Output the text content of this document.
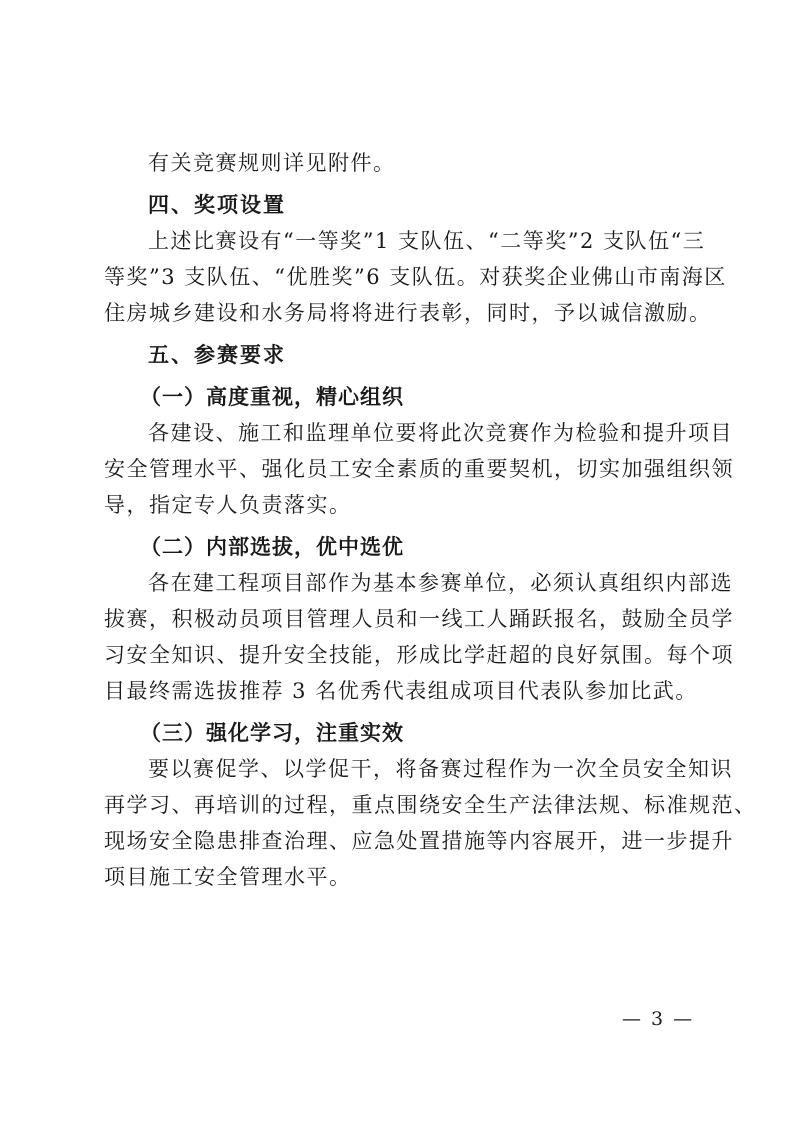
有关竞赛规则详见附件。
四、奖项设置
上述比赛设有“一等奖”1 支队伍、“二等奖”2 支队伍“三
等奖”3 支队伍、“优胜奖”6 支队伍。对获奖企业佛山市南海区
住房城乡建设和水务局将将进行表彰，同时，予以诚信激励。
五、参赛要求
（一）高度重视，精心组织
各建设、施工和监理单位要将此次竞赛作为检验和提升项目
安全管理水平、强化员工安全素质的重要契机，切实加强组织领
导，指定专人负责落实。
（二）内部选拔，优中选优
各在建工程项目部作为基本参赛单位，必须认真组织内部选
拔赛，积极动员项目管理人员和一线工人踊跃报名，鼓励全员学
习安全知识、提升安全技能，形成比学赶超的良好氛围。每个项
目最终需选拔推荐 3 名优秀代表组成项目代表队参加比武。
（三）强化学习，注重实效
要以赛促学、以学促干，将备赛过程作为一次全员安全知识
再学习、再培训的过程，重点围绕安全生产法律法规、标准规范、
现场安全隐患排查治理、应急处置措施等内容展开，进一步提升
项目施工安全管理水平。
— 3 —
